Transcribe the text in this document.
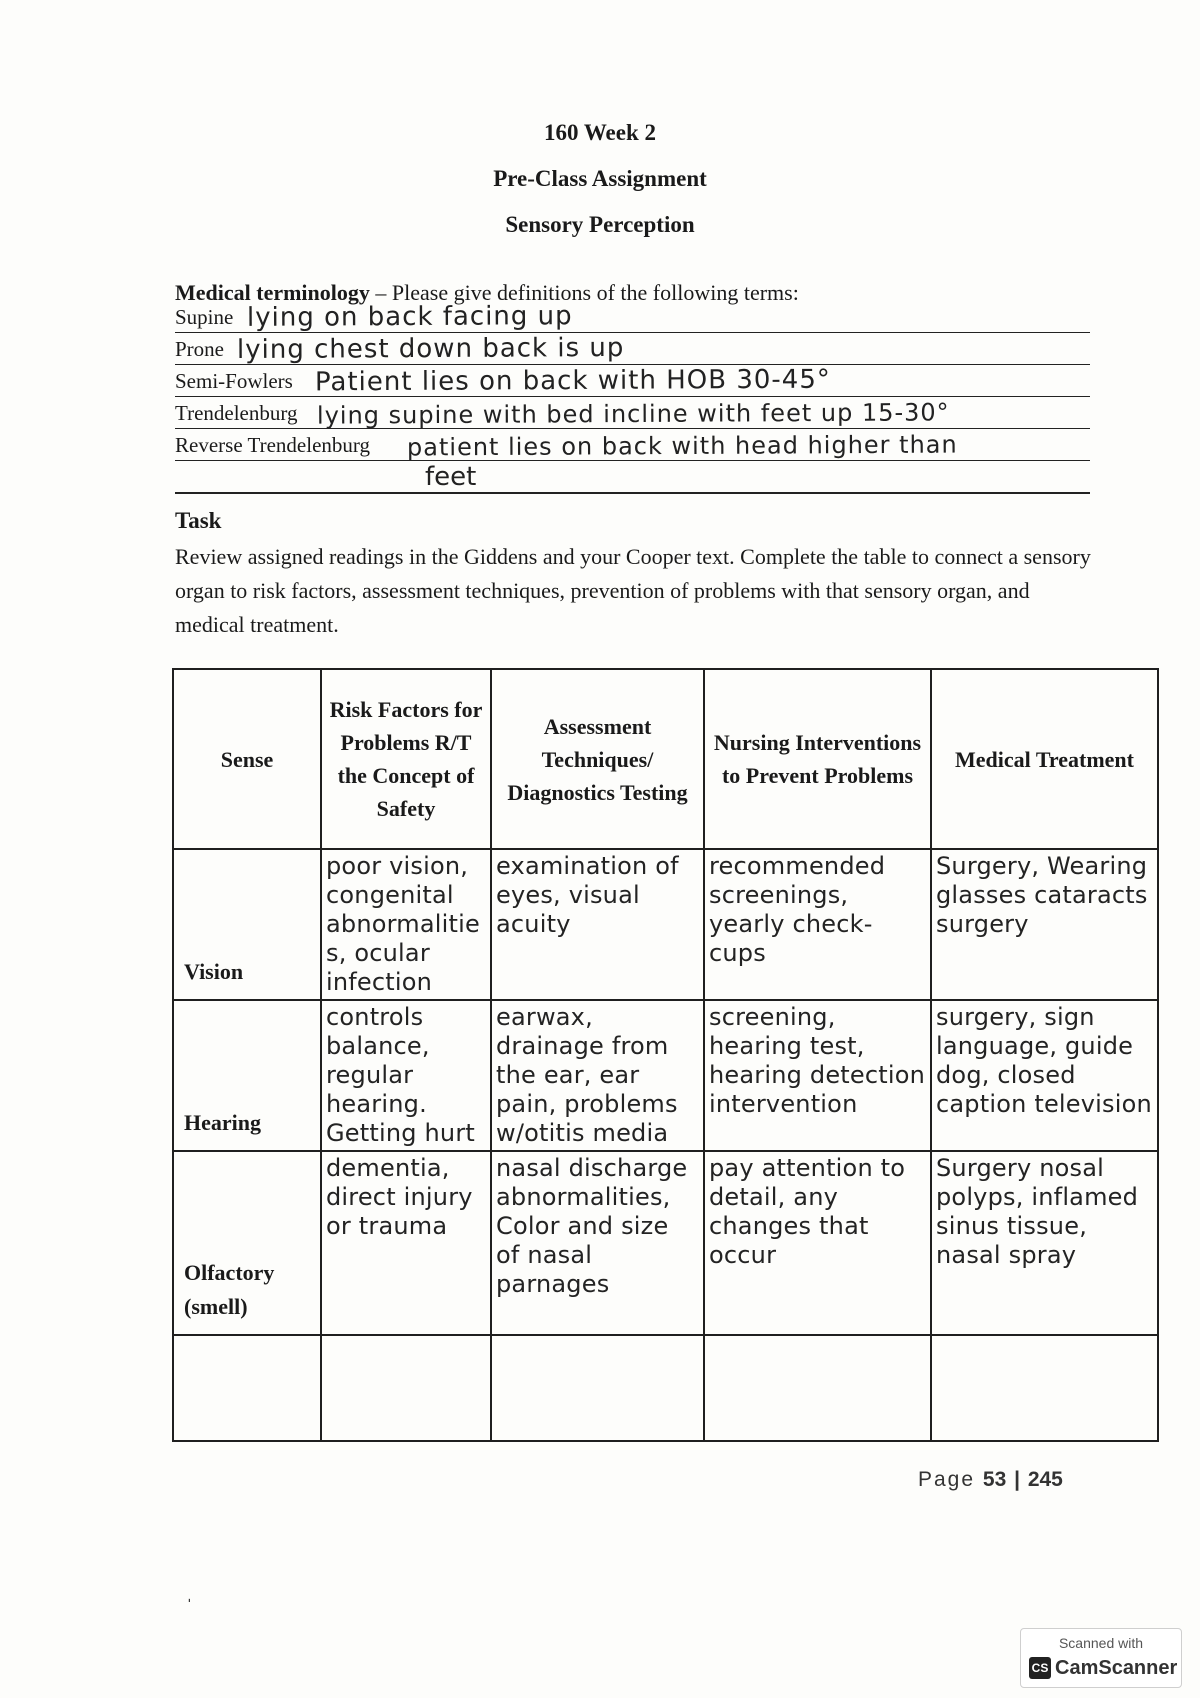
160 Week 2
Pre-Class Assignment
Sensory Perception
Medical terminology – Please give definitions of the following terms:
Supine lying on back facing up
Prone lying chest down back is up
Semi-Fowlers Patient lies on back with HOB 30-45°
Trendelenburg lying supine with bed incline with feet up 15-30°
Reverse Trendelenburg patient lies on back with head higher than
feet
Task
Review assigned readings in the Giddens and your Cooper text. Complete the table to connect a sensory organ to risk factors, assessment techniques, prevention of problems with that sensory organ, and medical treatment.
Sense	Risk Factors for Problems R/T the Concept of Safety	Assessment Techniques/ Diagnostics Testing	Nursing Interventions to Prevent Problems	Medical Treatment
Vision	poor vision, congenital abnormalities, ocular infection	examination of eyes, visual acuity	recommended screenings, yearly check-cups	Surgery, Wearing glasses cataracts surgery
Hearing	controls balance, regular hearing. Getting hurt	earwax, drainage from the ear, ear pain, problems w/otitis media	screening, hearing test, hearing detection intervention	surgery, sign language, guide dog, closed caption television
Olfactory (smell)	dementia, direct injury or trauma	nasal discharge abnormalities, Color and size of nasal parnages	pay attention to detail, any changes that occur	Surgery nosal polyps, inflamed sinus tissue, nasal spray

Page 53 | 245
ˈ
Scanned with
CS CamScanner
